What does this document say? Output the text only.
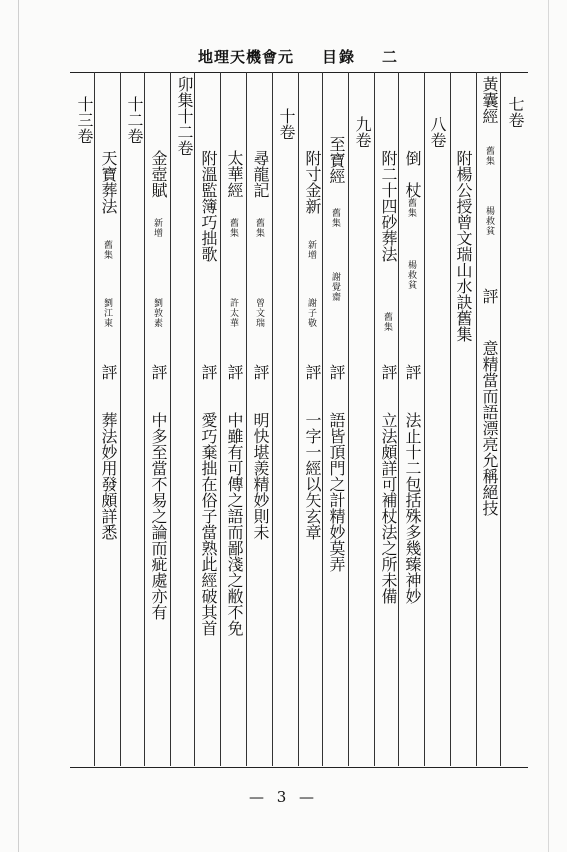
地理天機會元 目錄 二
七卷
黃囊經
舊集
楊救貧
評
意精當而語漂亮允稱絕技
附楊公授曾文瑞山水訣舊集
八卷
倒　杖
舊集
楊救貧
評
法止十二包括殊多幾臻神妙
附二十四砂葬法
舊集
評
立法頗詳可補杖法之所未備
九卷
至寶經
舊集
謝覺齋
評
語皆頂門之計精妙莫弄
附寸金新
新增
謝子敬
評
一字一經以矢玄章
十卷
尋龍記
舊集
曾文瑞
評
明快堪羨精妙則未
太華經
舊集
許太華
評
中雖有可傳之語而鄙淺之敝不免
附溫監簿巧拙歌
評
愛巧棄拙在俗子當熟此經破其首
卯集十二卷
金壺賦
新增
劉敦素
評
中多至當不易之論而疵處亦有
十二卷
天寶葬法
舊集
劉江東
評
葬法妙用發頗詳悉
十三卷
— 3 —
